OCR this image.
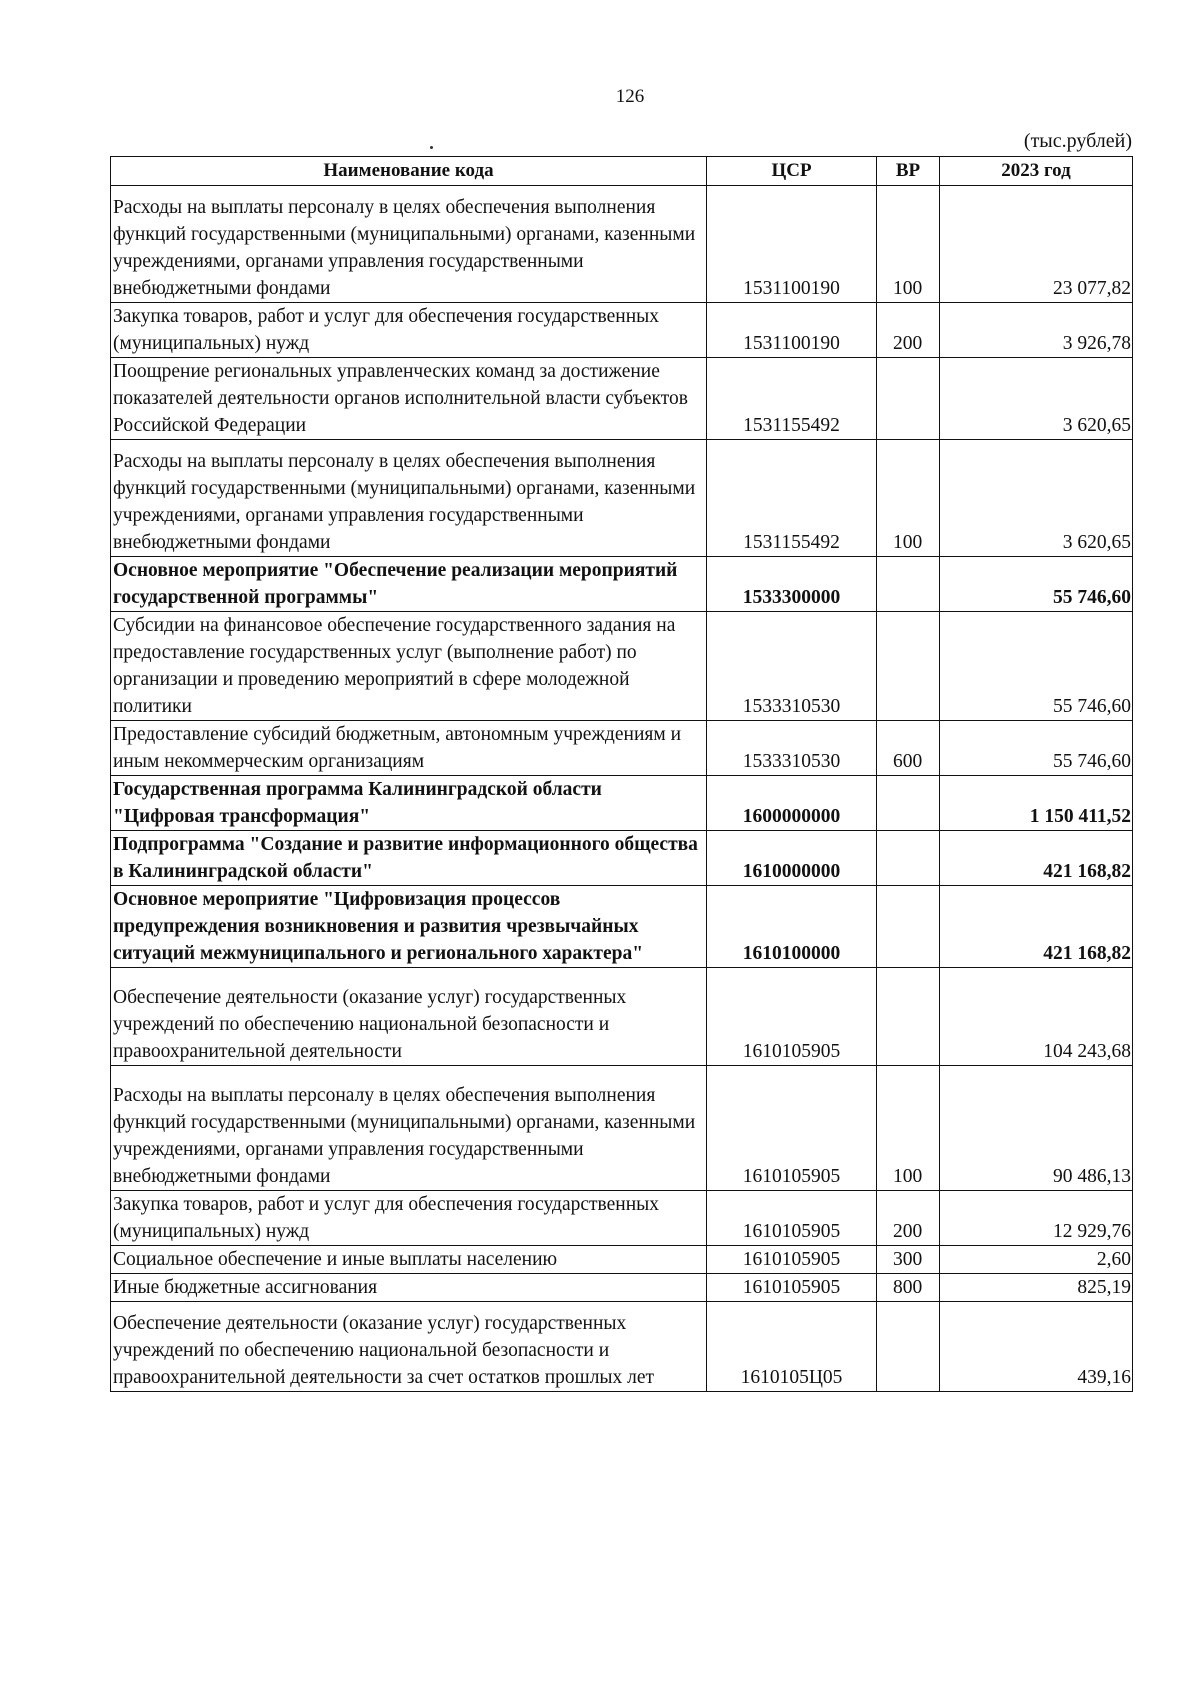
126
(тыс.рублей)
Наименование кода	ЦСР	ВР	2023 год
Расходы на выплаты персоналу в целях обеспечения выполнения функций государственными (муниципальными) органами, казенными учреждениями, органами управления государственными внебюджетными фондами	1531100190	100	23 077,82
Закупка товаров, работ и услуг для обеспечения государственных (муниципальных) нужд	1531100190	200	3 926,78
Поощрение региональных управленческих команд за достижение показателей деятельности органов исполнительной власти субъектов Российской Федерации	1531155492		3 620,65
Расходы на выплаты персоналу в целях обеспечения выполнения функций государственными (муниципальными) органами, казенными учреждениями, органами управления государственными внебюджетными фондами	1531155492	100	3 620,65
Основное мероприятие "Обеспечение реализации мероприятий государственной программы"	1533300000		55 746,60
Субсидии на финансовое обеспечение государственного задания на предоставление государственных услуг (выполнение работ) по организации и проведению мероприятий в сфере молодежной политики	1533310530		55 746,60
Предоставление субсидий бюджетным, автономным учреждениям и иным некоммерческим организациям	1533310530	600	55 746,60
Государственная программа Калининградской области "Цифровая трансформация"	1600000000		1 150 411,52
Подпрограмма "Создание и развитие информационного общества в Калининградской области"	1610000000		421 168,82
Основное мероприятие "Цифровизация процессов предупреждения возникновения и развития чрезвычайных ситуаций межмуниципального и регионального характера"	1610100000		421 168,82
Обеспечение деятельности (оказание услуг) государственных учреждений по обеспечению национальной безопасности и правоохранительной деятельности	1610105905		104 243,68
Расходы на выплаты персоналу в целях обеспечения выполнения функций государственными (муниципальными) органами, казенными учреждениями, органами управления государственными внебюджетными фондами	1610105905	100	90 486,13
Закупка товаров, работ и услуг для обеспечения государственных (муниципальных) нужд	1610105905	200	12 929,76
Социальное обеспечение и иные выплаты населению	1610105905	300	2,60
Иные бюджетные ассигнования	1610105905	800	825,19
Обеспечение деятельности (оказание услуг) государственных учреждений по обеспечению национальной безопасности и правоохранительной деятельности за счет остатков прошлых лет	1610105Ц05		439,16
